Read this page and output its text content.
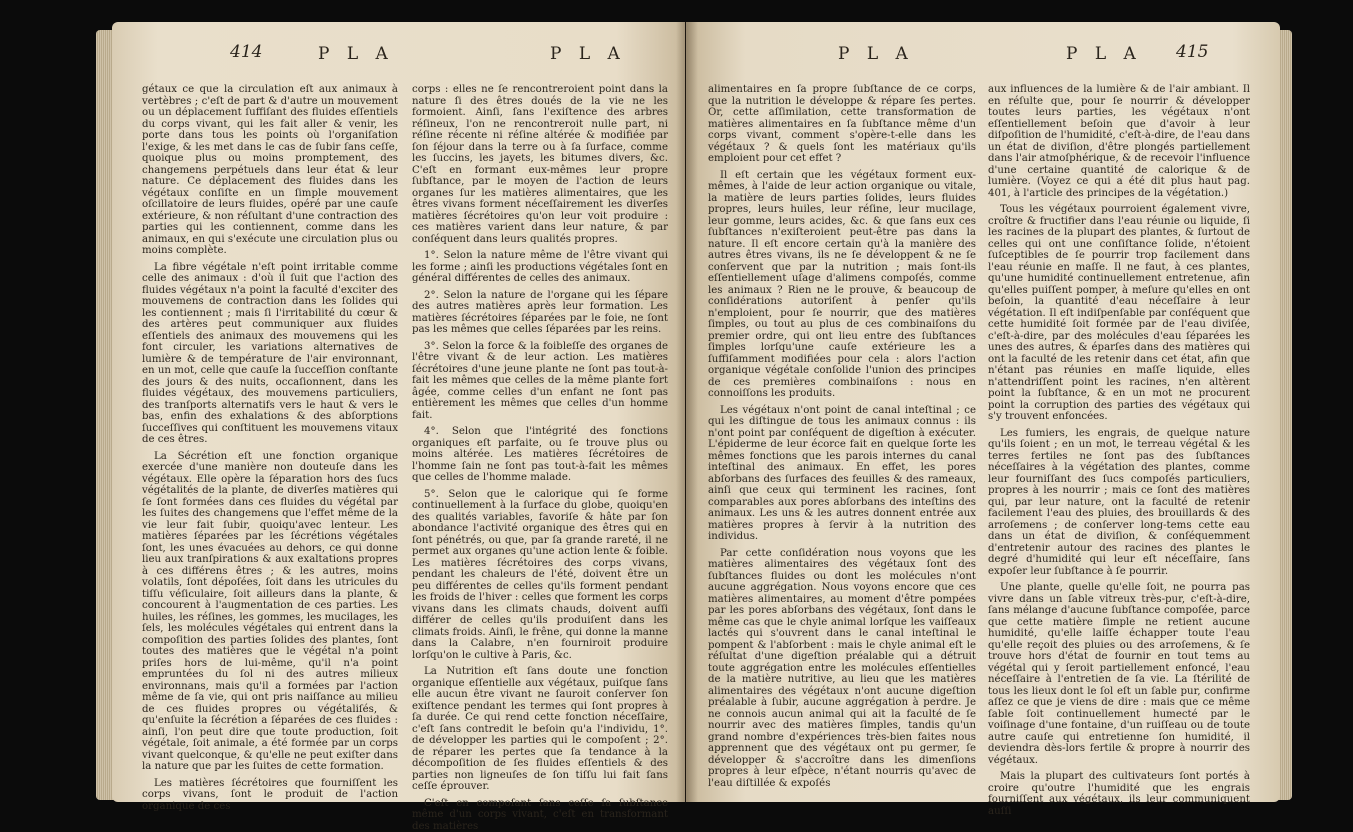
414	P L A	P L A

gétaux ce que la circulation eſt aux animaux à vertèbres ; c'eſt de part & d'autre un mouvement ou un déplacement ſuffiſant des fluides eſſentiels du corps vivant, qui les fait aller & venir, les porte dans tous les points où l'organiſation l'exige, & les met dans le cas de ſubir ſans ceſſe, quoique plus ou moins promptement, des changemens perpétuels dans leur état & leur nature. Ce déplacement des fluides dans les végétaux conſiſte en un ſimple mouvement oſcillatoire de leurs fluides, opéré par une cauſe extérieure, & non réſultant d'une contraction des parties qui les contiennent, comme dans les animaux, en qui s'exécute une circulation plus ou moins complète.

La fibre végétale n'eſt point irritable comme celle des animaux : d'où il ſuit que l'action des fluides végétaux n'a point la faculté d'exciter des mouvemens de contraction dans les ſolides qui les contiennent ; mais ſi l'irritabilité du cœur & des artères peut communiquer aux fluides eſſentiels des animaux des mouvemens qui les font circuler, les variations alternatives de lumière & de température de l'air environnant, en un mot, celle que cauſe la ſucceſſion conſtante des jours & des nuits, occaſionnent, dans les fluides végétaux, des mouvemens particuliers, des tranſports alternatifs vers le haut & vers le bas, enfin des exhalations & des abſorptions ſucceſſives qui conſtituent les mouvemens vitaux de ces êtres.

La Sécrétion eſt une fonction organique exercée d'une manière non douteuſe dans les végétaux. Elle opère la ſéparation hors des ſucs végétalités de la plante, de diverſes matières qui ſe ſont formées dans ces fluides du végétal par les ſuites des changemens que l'effet même de la vie leur fait ſubir, quoiqu'avec lenteur. Les matières ſéparées par les ſécrétions végétales ſont, les unes évacuées au dehors, ce qui donne lieu aux tranſpirations & aux exaltations propres à ces différens êtres ; & les autres, moins volatils, ſont dépoſées, ſoit dans les utricules du tiſſu véſiculaire, ſoit ailleurs dans la plante, & concourent à l'augmentation de ces parties. Les huiles, les réſines, les gommes, les mucilages, les ſels, les molécules végétales qui entrent dans la compoſition des parties ſolides des plantes, ſont toutes des matières que le végétal n'a point priſes hors de lui-même, qu'il n'a point empruntées du ſol ni des autres milieux environnans, mais qu'il a formées par l'action même de ſa vie, qui ont pris naiſſance au milieu de ces fluides propres ou végétaliſés, & qu'enſuite la ſécrétion a ſéparées de ces fluides : ainſi, l'on peut dire que toute production, ſoit végétale, ſoit animale, a été formée par un corps vivant quelconque, & qu'elle ne peut exiſter dans la nature que par les ſuites de cette formation.

Les matières ſécrétoires que fourniſſent les corps vivans, ſont le produit de l'action organique de ces

corps : elles ne ſe rencontreroient point dans la nature ſi des êtres doués de la vie ne les formoient. Ainſi, ſans l'exiſtence des arbres réſineux, l'on ne rencontreroit nulle part, ni réſine récente ni réſine altérée & modifiée par ſon ſéjour dans la terre ou à ſa ſurface, comme les ſuccins, les jayets, les bitumes divers, &c. C'eſt en formant eux-mêmes leur propre ſubſtance, par le moyen de l'action de leurs organes ſur les matières alimentaires, que les êtres vivans forment néceſſairement les diverſes matières ſécrétoires qu'on leur voit produire : ces matières varient dans leur nature, & par conſéquent dans leurs qualités propres.

1°. Selon la nature même de l'être vivant qui les forme ; ainſi les productions végétales ſont en général différentes de celles des animaux.

2°. Selon la nature de l'organe qui les ſépare des autres matières après leur formation. Les matières ſécrétoires ſéparées par le foie, ne ſont pas les mêmes que celles ſéparées par les reins.

3°. Selon la force & la foibleſſe des organes de l'être vivant & de leur action. Les matières ſécrétoires d'une jeune plante ne ſont pas tout-à-fait les mêmes que celles de la même plante fort âgée, comme celles d'un enfant ne ſont pas entièrement les mêmes que celles d'un homme fait.

4°. Selon que l'intégrité des fonctions organiques eſt parfaite, ou ſe trouve plus ou moins altérée. Les matières ſécrétoires de l'homme ſain ne ſont pas tout-à-fait les mêmes que celles de l'homme malade.

5°. Selon que le calorique qui ſe forme continuellement à la ſurface du globe, quoiqu'en des qualités variables, favoriſe & hâte par ſon abondance l'activité organique des êtres qui en ſont pénétrés, ou que, par ſa grande rareté, il ne permet aux organes qu'une action lente & foible. Les matières ſécrétoires des corps vivans, pendant les chaleurs de l'été, doivent être un peu différentes de celles qu'ils forment pendant les froids de l'hiver : celles que forment les corps vivans dans les climats chauds, doivent auſſi différer de celles qu'ils produiſent dans les climats froids. Ainſi, le frêne, qui donne la manne dans la Calabre, n'en fourniroit produire lorſqu'on le cultive à Paris, &c.

La Nutrition eſt ſans doute une fonction organique eſſentielle aux végétaux, puiſque ſans elle aucun être vivant ne ſauroit conſerver ſon exiſtence pendant les termes qui ſont propres à ſa durée. Ce qui rend cette fonction néceſſaire, c'eſt ſans contredit le beſoin qu'a l'individu, 1°. de développer les parties qui le compoſent ; 2°. de réparer les pertes que ſa tendance à la décompoſition de ſes fluides eſſentiels & des parties non ligneuſes de ſon tiſſu lui fait ſans ceſſe éprouver.

C'eſt en compoſant ſans ceſſe ſa ſubſtance même d'un corps vivant, c'eſt en transformant des matières

P L A	P L A 415

alimentaires en ſa propre ſubſtance de ce corps, que la nutrition le développe & répare ſes pertes. Or, cette aſſimilation, cette transformation de matières alimentaires en ſa ſubſtance même d'un corps vivant, comment s'opère-t-elle dans les végétaux ? & quels ſont les matériaux qu'ils emploient pour cet effet ?

Il eſt certain que les végétaux forment eux-mêmes, à l'aide de leur action organique ou vitale, la matière de leurs parties ſolides, leurs fluides propres, leurs huiles, leur réſine, leur mucilage, leur gomme, leurs acides, &c. & que ſans eux ces ſubſtances n'exiſteroient peut-être pas dans la nature. Il eſt encore certain qu'à la manière des autres êtres vivans, ils ne ſe développent & ne ſe conſervent que par la nutrition ; mais ſont-ils eſſentiellement uſage d'alimens compoſés, comme les animaux ? Rien ne le prouve, & beaucoup de conſidérations autoriſent à penſer qu'ils n'emploient, pour ſe nourrir, que des matières ſimples, ou tout au plus de ces combinaiſons du premier ordre, qui ont lieu entre des ſubſtances ſimples lorſqu'une cauſe extérieure les a ſuffiſamment modifiées pour cela : alors l'action organique végétale conſolide l'union des principes de ces premières combinaiſons : nous en connoiſſons les produits.

Les végétaux n'ont point de canal inteſtinal ; ce qui les diſtingue de tous les animaux connus : ils n'ont point par conſéquent de digeſtion à exécuter. L'épiderme de leur écorce fait en quelque ſorte les mêmes fonctions que les parois internes du canal inteſtinal des animaux. En effet, les pores abſorbans des ſurfaces des feuilles & des rameaux, ainſi que ceux qui terminent les racines, ſont comparables aux pores abſorbans des inteſtins des animaux. Les uns & les autres donnent entrée aux matières propres à ſervir à la nutrition des individus.

Par cette conſidération nous voyons que les matières alimentaires des végétaux ſont des ſubſtances fluides ou dont les molécules n'ont aucune aggrégation. Nous voyons encore que ces matières alimentaires, au moment d'être pompées par les pores abſorbans des végétaux, ſont dans le même cas que le chyle animal lorſque les vaiſſeaux lactés qui s'ouvrent dans le canal inteſtinal le pompent & l'abſorbent : mais le chyle animal eſt le réſultat d'une digeſtion préalable qui a détruit toute aggrégation entre les molécules eſſentielles de la matière nutritive, au lieu que les matières alimentaires des végétaux n'ont aucune digeſtion préalable à ſubir, aucune aggrégation à perdre. Je ne connois aucun animal qui ait la faculté de ſe nourrir avec des matières ſimples, tandis qu'un grand nombre d'expériences très-bien faites nous apprennent que des végétaux ont pu germer, ſe développer & s'accroître dans les dimenſions propres à leur eſpèce, n'étant nourris qu'avec de l'eau diſtillée & expoſés

aux influences de la lumière & de l'air ambiant. Il en réſulte que, pour ſe nourrir & développer toutes leurs parties, les végétaux n'ont eſſentiellement beſoin que d'avoir à leur diſpoſition de l'humidité, c'eſt-à-dire, de l'eau dans un état de diviſion, d'être plongés partiellement dans l'air atmoſphérique, & de recevoir l'influence d'une certaine quantité de calorique & de lumière. (Voyez ce qui a été dit plus haut pag. 401, à l'article des principes de la végétation.)

Tous les végétaux pourroient également vivre, croître & fructifier dans l'eau réunie ou liquide, ſi les racines de la plupart des plantes, & ſurtout de celles qui ont une conſiſtance ſolide, n'étoient ſuſceptibles de ſe pourrir trop facilement dans l'eau réunie en maſſe. Il ne faut, à ces plantes, qu'une humidité continuellement entretenue, afin qu'elles puiſſent pomper, à meſure qu'elles en ont beſoin, la quantité d'eau néceſſaire à leur végétation. Il eſt indiſpenſable par conſéquent que cette humidité ſoit formée par de l'eau diviſée, c'eſt-à-dire, par des molécules d'eau ſéparées les unes des autres, & éparſes dans des matières qui ont la faculté de les retenir dans cet état, afin que n'étant pas réunies en maſſe liquide, elles n'attendriſſent point les racines, n'en altèrent point la ſubſtance, & en un mot ne procurent point la corruption des parties des végétaux qui s'y trouvent enfoncées.

Les fumiers, les engrais, de quelque nature qu'ils ſoient ; en un mot, le terreau végétal & les terres fertiles ne ſont pas des ſubſtances néceſſaires à la végétation des plantes, comme leur fourniſſant des ſucs compoſés particuliers, propres à les nourrir ; mais ce ſont des matières qui, par leur nature, ont la faculté de retenir facilement l'eau des pluies, des brouillards & des arroſemens ; de conſerver long-tems cette eau dans un état de diviſion, & conſéquemment d'entretenir autour des racines des plantes le degré d'humidité qui leur eſt néceſſaire, ſans expoſer leur ſubſtance à ſe pourrir.

Une plante, quelle qu'elle ſoit, ne pourra pas vivre dans un ſable vitreux très-pur, c'eſt-à-dire, ſans mélange d'aucune ſubſtance compoſée, parce que cette matière ſimple ne retient aucune humidité, qu'elle laiſſe échapper toute l'eau qu'elle reçoit des pluies ou des arroſemens, & ſe trouve hors d'état de fournir en tout tems au végétal qui y ſeroit partiellement enfoncé, l'eau néceſſaire à l'entretien de ſa vie. La ſtérilité de tous les lieux dont le ſol eſt un ſable pur, confirme aſſez ce que je viens de dire : mais que ce même ſable ſoit continuellement humecté par le voiſinage d'une fontaine, d'un ruiſſeau ou de toute autre cauſe qui entretienne ſon humidité, il deviendra dès-lors fertile & propre à nourrir des végétaux.

Mais la plupart des cultivateurs ſont portés à croire qu'outre l'humidité que les engrais fourniſſent aux végétaux, ils leur communiquent auſſi
